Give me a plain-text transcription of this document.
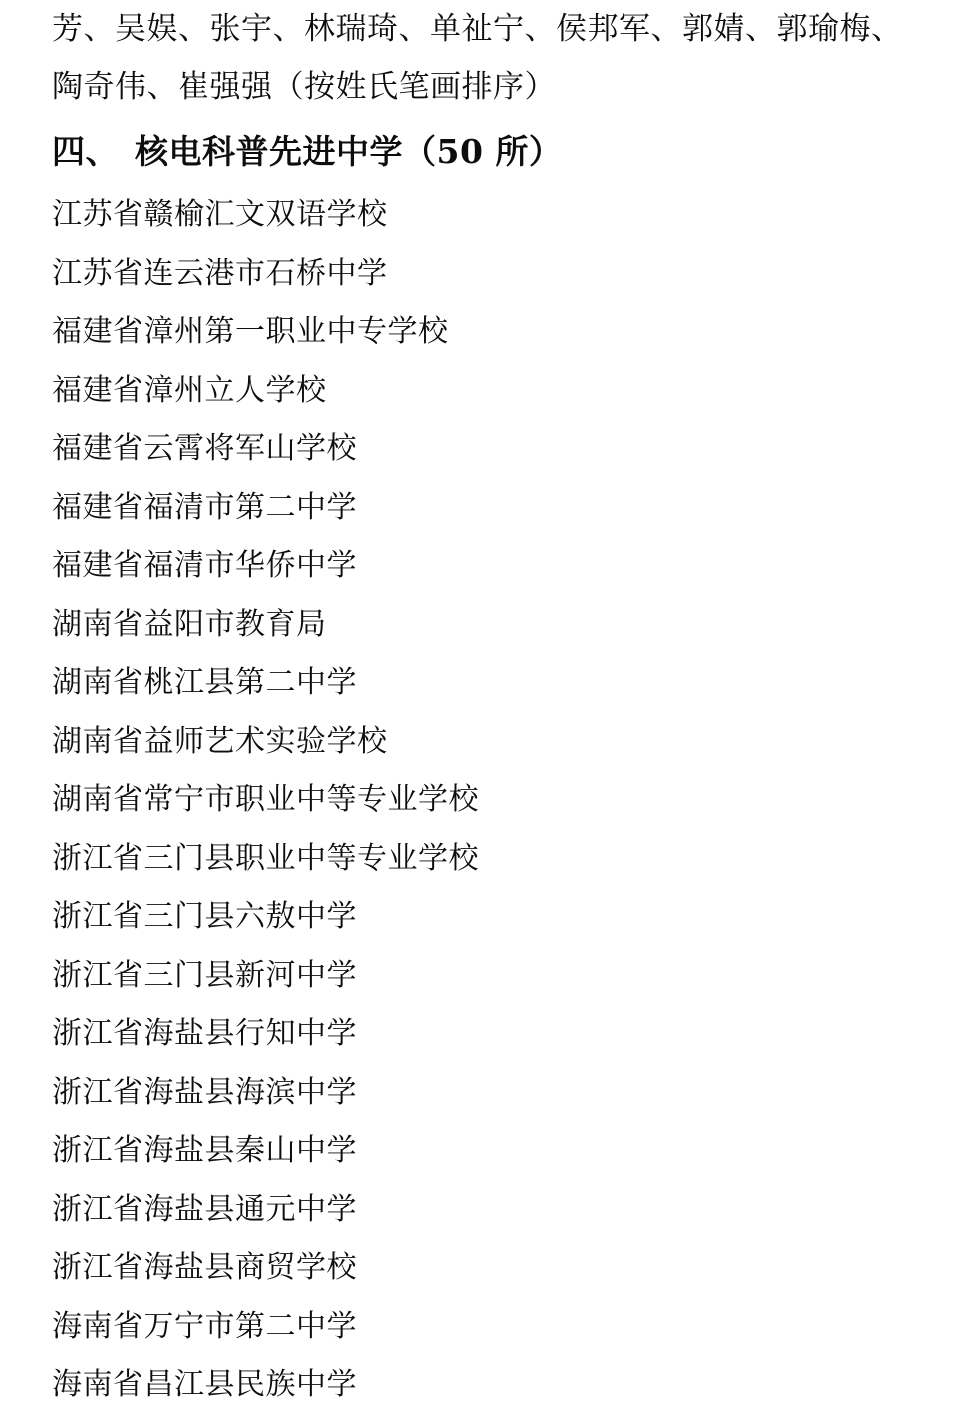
芳、吴娱、张宇、林瑞琦、单祉宁、侯邦军、郭婧、郭瑜梅、
陶奇伟、崔强强（按姓氏笔画排序）
四、 核电科普先进中学（50 所）
江苏省赣榆汇文双语学校
江苏省连云港市石桥中学
福建省漳州第一职业中专学校
福建省漳州立人学校
福建省云霄将军山学校
福建省福清市第二中学
福建省福清市华侨中学
湖南省益阳市教育局
湖南省桃江县第二中学
湖南省益师艺术实验学校
湖南省常宁市职业中等专业学校
浙江省三门县职业中等专业学校
浙江省三门县六敖中学
浙江省三门县新河中学
浙江省海盐县行知中学
浙江省海盐县海滨中学
浙江省海盐县秦山中学
浙江省海盐县通元中学
浙江省海盐县商贸学校
海南省万宁市第二中学
海南省昌江县民族中学
